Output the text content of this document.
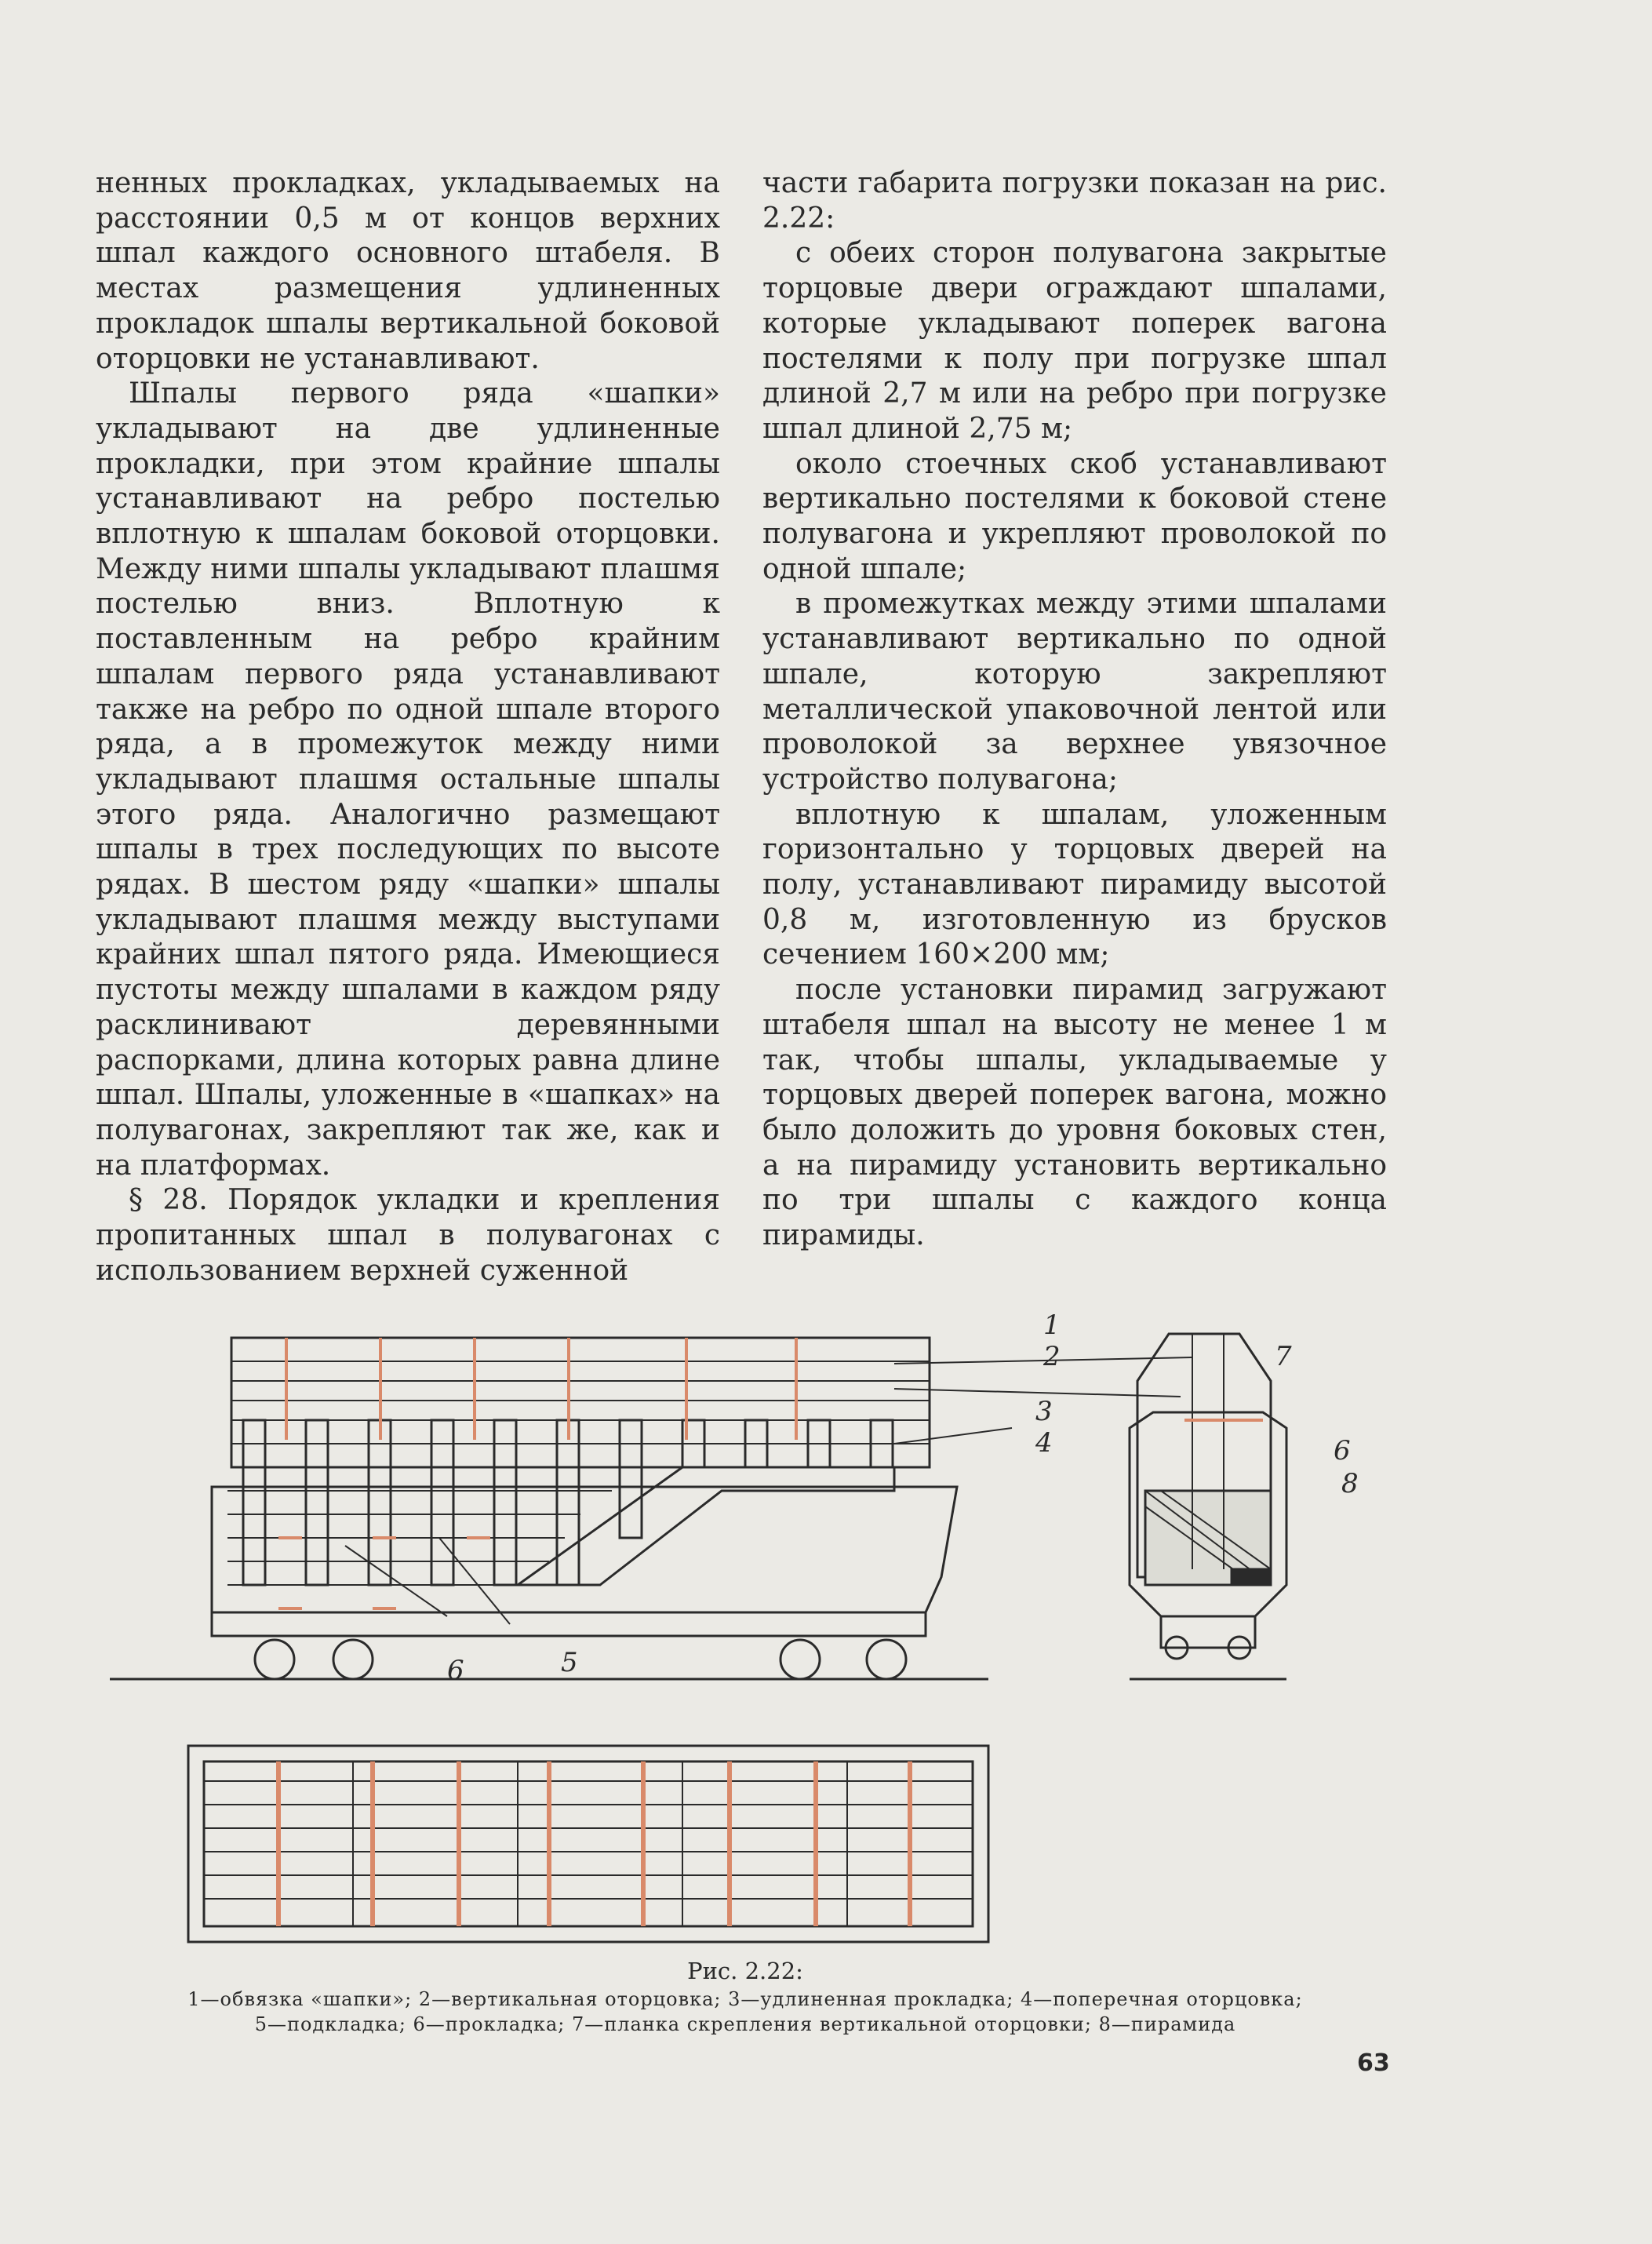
ненных прокладках, укладываемых на расстоянии 0,5 м от концов верхних шпал каждого основного штабеля. В местах размещения удлиненных прокладок шпалы вертикальной боковой оторцовки не устанавливают.

Шпалы первого ряда «шапки» укладывают на две удлиненные прокладки, при этом крайние шпалы устанавливают на ребро постелью вплотную к шпалам боковой оторцовки. Между ними шпалы укладывают плашмя постелью вниз. Вплотную к поставленным на ребро крайним шпалам первого ряда устанавливают также на ребро по одной шпале второго ряда, а в промежуток между ними укладывают плашмя остальные шпалы этого ряда. Аналогично размещают шпалы в трех последующих по высоте рядах. В шестом ряду «шапки» шпалы укладывают плашмя между выступами крайних шпал пятого ряда. Имеющиеся пустоты между шпалами в каждом ряду расклинивают деревянными распорками, длина которых равна длине шпал. Шпалы, уложенные в «шапках» на полувагонах, закрепляют так же, как и на платформах.

§ 28. Порядок укладки и крепления пропитанных шпал в полувагонах с использованием верхней суженной

части габарита погрузки показан на рис. 2.22:

с обеих сторон полувагона закрытые торцовые двери ограждают шпалами, которые укладывают поперек вагона постелями к полу при погрузке шпал длиной 2,7 м или на ребро при погрузке шпал длиной 2,75 м;

около стоечных скоб устанавливают вертикально постелями к боковой стене полувагона и укрепляют проволокой по одной шпале;

в промежутках между этими шпалами устанавливают вертикально по одной шпале, которую закрепляют металлической упаковочной лентой или проволокой за верхнее увязочное устройство полувагона;

вплотную к шпалам, уложенным горизонтально у торцовых дверей на полу, устанавливают пирамиду высотой 0,8 м, изготовленную из брусков сечением 160×200 мм;

после установки пирамид загружают штабеля шпал на высоту не менее 1 м так, чтобы шпалы, укладываемые у торцовых дверей поперек вагона, можно было доложить до уровня боковых стен, а на пирамиду установить вертикально по три шпалы с каждого конца пирамиды.

1
2
3
4
5
6
7
6
8
Рис. 2.22:
1—обвязка «шапки»; 2—вертикальная оторцовка; 3—удлиненная прокладка; 4—поперечная оторцовка;
5—подкладка; 6—прокладка; 7—планка скрепления вертикальной оторцовки; 8—пирамида
63
